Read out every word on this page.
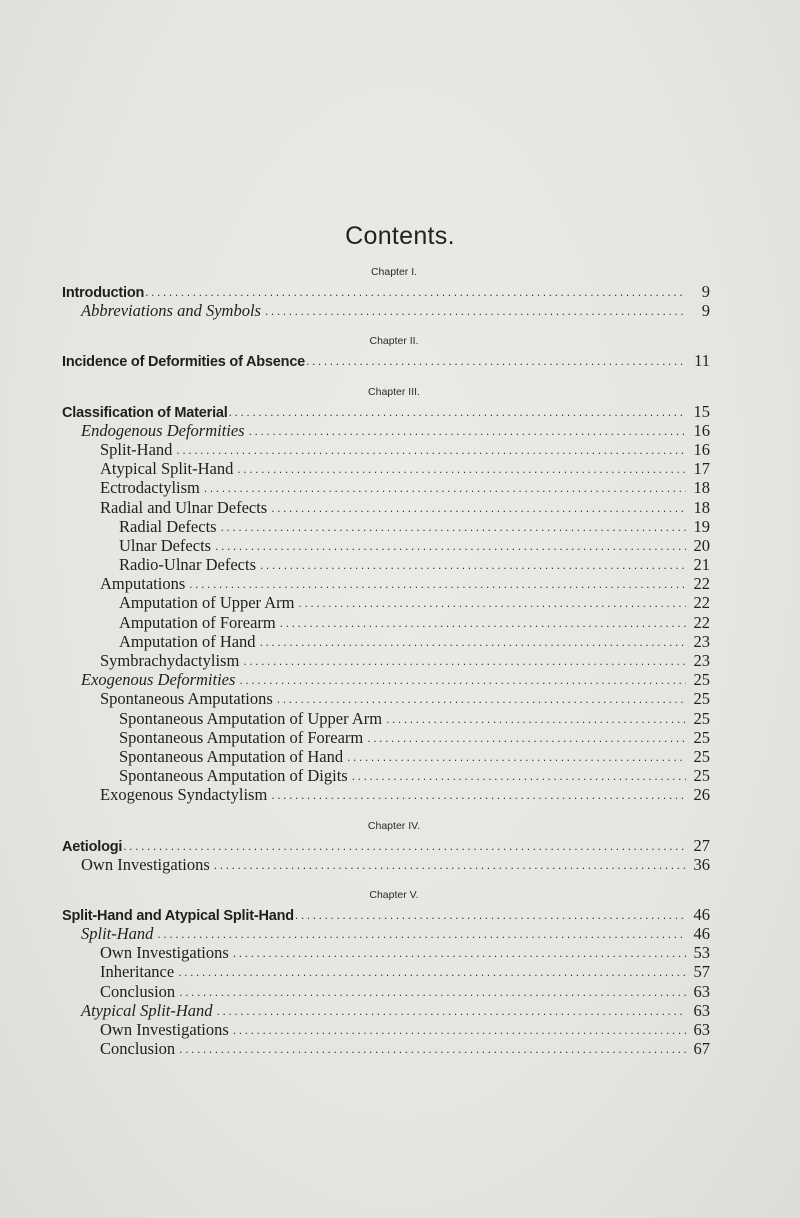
Contents.
Chapter I.
Introduction .....	9
Abbreviations and Symbols .....	9
Chapter II.
Incidence of Deformities of Absence .....	11
Chapter III.
Classification of Material .....	15
Endogenous Deformities .....	16
Split-Hand .....	16
Atypical Split-Hand .....	17
Ectrodactylism .....	18
Radial and Ulnar Defects .....	18
Radial Defects .....	19
Ulnar Defects .....	20
Radio-Ulnar Defects .....	21
Amputations .....	22
Amputation of Upper Arm .....	22
Amputation of Forearm .....	22
Amputation of Hand .....	23
Symbrachydactylism .....	23
Exogenous Deformities .....	25
Spontaneous Amputations .....	25
Spontaneous Amputation of Upper Arm .....	25
Spontaneous Amputation of Forearm .....	25
Spontaneous Amputation of Hand .....	25
Spontaneous Amputation of Digits .....	25
Exogenous Syndactylism .....	26
Chapter IV.
Aetiologi .....	27
Own Investigations .....	36
Chapter V.
Split-Hand and Atypical Split-Hand .....	46
Split-Hand .....	46
Own Investigations .....	53
Inheritance .....	57
Conclusion .....	63
Atypical Split-Hand .....	63
Own Investigations .....	63
Conclusion .....	67
